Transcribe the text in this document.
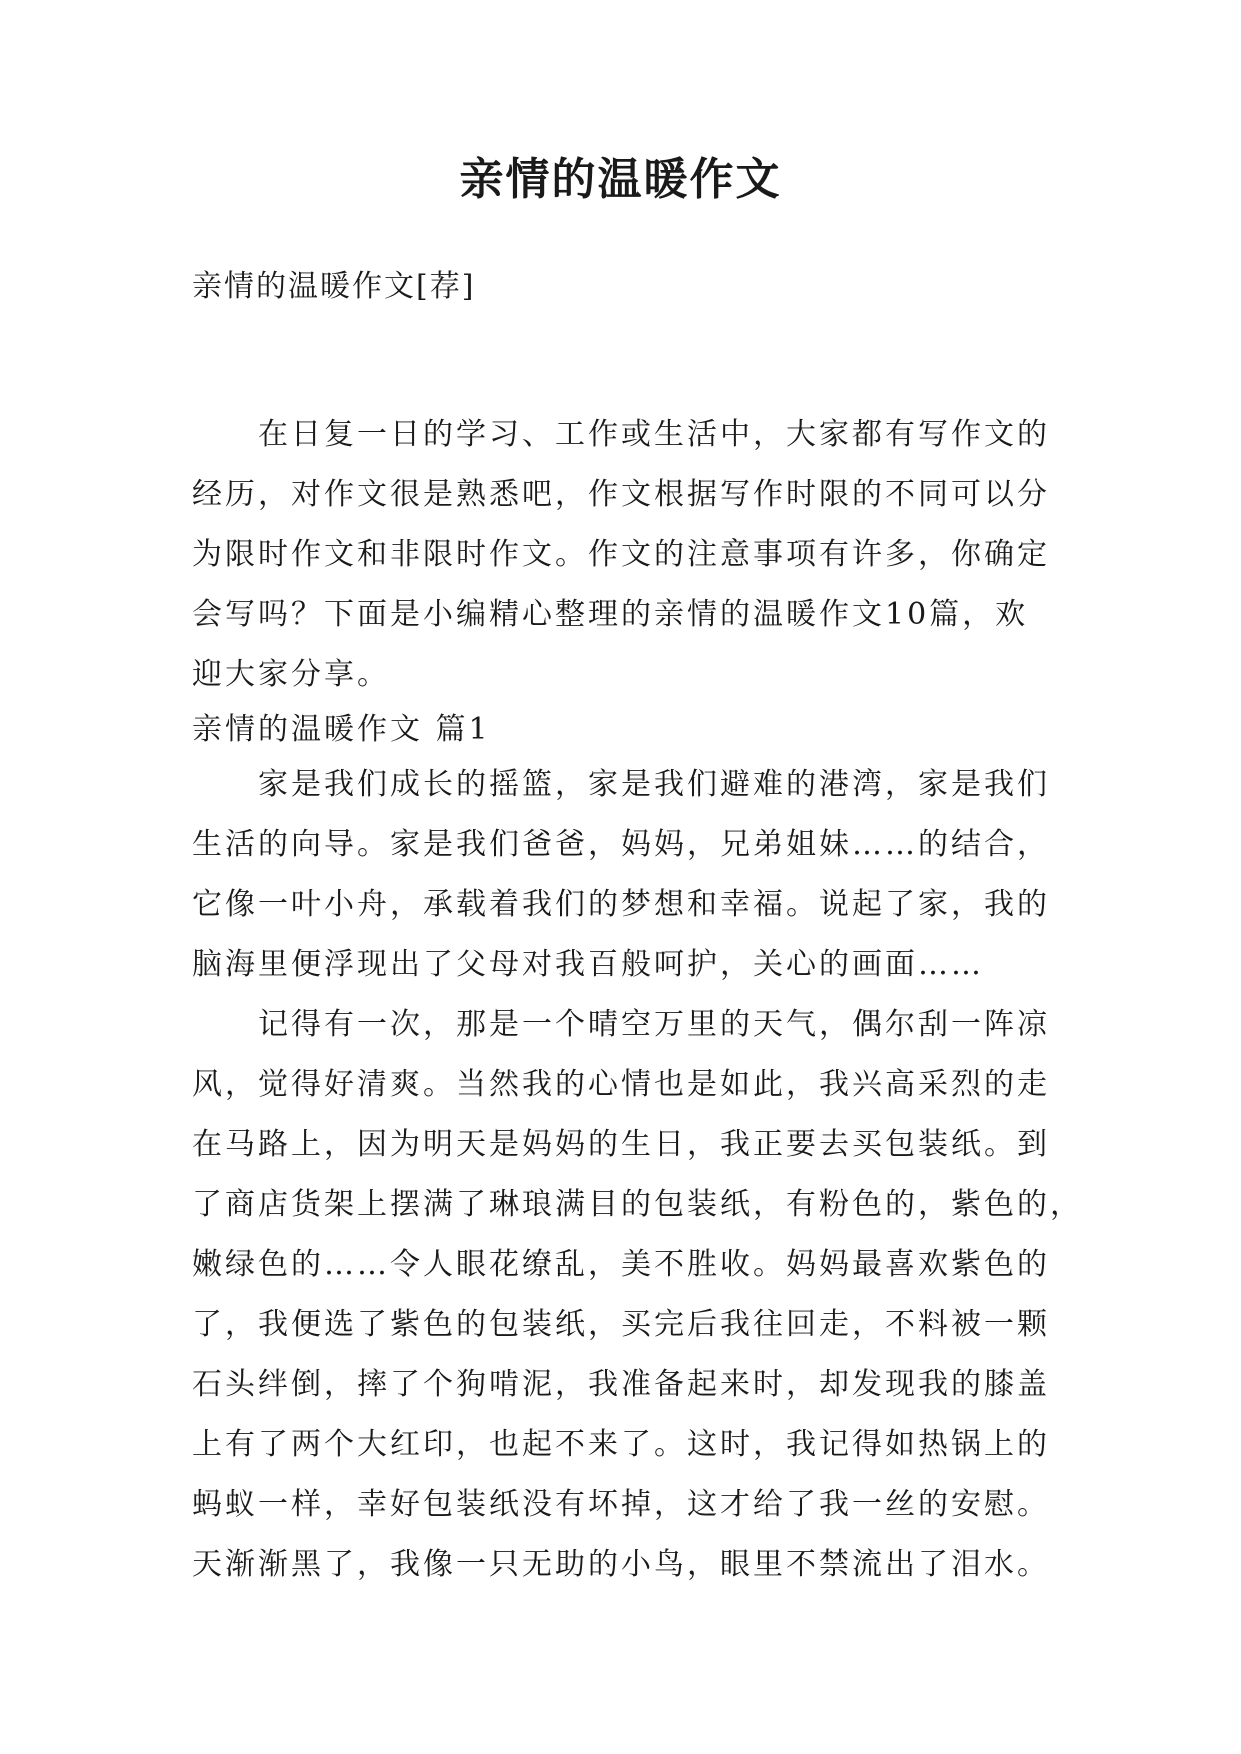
亲情的温暖作文

亲情的温暖作文[荐]

在日复一日的学习、工作或生活中，大家都有写作文的
经历，对作文很是熟悉吧，作文根据写作时限的不同可以分
为限时作文和非限时作文。作文的注意事项有许多，你确定
会写吗？下面是小编精心整理的亲情的温暖作文10篇，欢
迎大家分享。
亲情的温暖作文 篇1
家是我们成长的摇篮，家是我们避难的港湾，家是我们
生活的向导。家是我们爸爸，妈妈，兄弟姐妹……的结合，
它像一叶小舟，承载着我们的梦想和幸福。说起了家，我的
脑海里便浮现出了父母对我百般呵护，关心的画面……
记得有一次，那是一个晴空万里的天气，偶尔刮一阵凉
风，觉得好清爽。当然我的心情也是如此，我兴高采烈的走
在马路上，因为明天是妈妈的生日，我正要去买包装纸。到
了商店货架上摆满了琳琅满目的包装纸，有粉色的，紫色的，
嫩绿色的……令人眼花缭乱，美不胜收。妈妈最喜欢紫色的
了，我便选了紫色的包装纸，买完后我往回走，不料被一颗
石头绊倒，摔了个狗啃泥，我准备起来时，却发现我的膝盖
上有了两个大红印，也起不来了。这时，我记得如热锅上的
蚂蚁一样，幸好包装纸没有坏掉，这才给了我一丝的安慰。
天渐渐黑了，我像一只无助的小鸟，眼里不禁流出了泪水。
